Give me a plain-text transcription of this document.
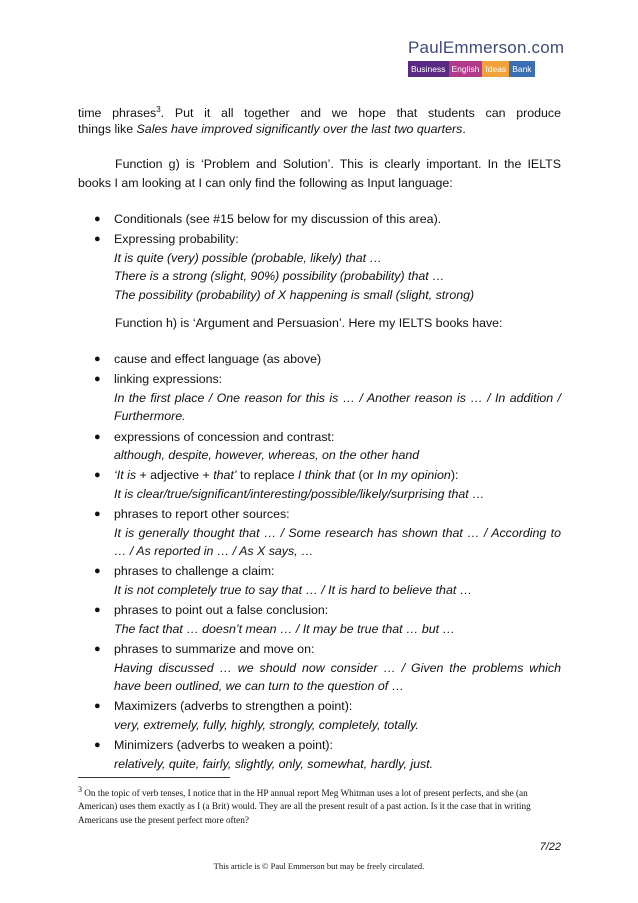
PaulEmmerson.com
Business English Ideas Bank
time phrases$^3$. Put it all together and we hope that students can produce
things like Sales have improved significantly over the last two quarters.
Function g) is ‘Problem and Solution’. This is clearly important. In the IELTS books I am looking at I can only find the following as Input language:
● Conditionals (see #15 below for my discussion of this area).
● Expressing probability:
It is quite (very) possible (probable, likely) that …
There is a strong (slight, 90%) possibility (probability) that …
The possibility (probability) of X happening is small (slight, strong)
Function h) is ‘Argument and Persuasion’. Here my IELTS books have:
● cause and effect language (as above)
● linking expressions:

In the first place / One reason for this is … / Another reason is … / In addition / Furthermore.
● expressions of concession and contrast:
although, despite, however, whereas, on the other hand
● ‘It is + adjective + that’ to replace I think that (or In my opinion):
It is clear/true/significant/interesting/possible/likely/surprising that …
● phrases to report other sources:

It is generally thought that … / Some research has shown that … / According to … / As reported in … / As X says, …
● phrases to challenge a claim:
It is not completely true to say that … / It is hard to believe that …
● phrases to point out a false conclusion:
The fact that … doesn’t mean … / It may be true that … but …
● phrases to summarize and move on:

Having discussed … we should now consider … / Given the problems which have been outlined, we can turn to the question of …
● Maximizers (adverbs to strengthen a point):
very, extremely, fully, highly, strongly, completely, totally.
● Minimizers (adverbs to weaken a point):
relatively, quite, fairly, slightly, only, somewhat, hardly, just.
$^3$ On the topic of verb tenses, I notice that in the HP annual report Meg Whitman uses a lot of present perfects, and she (an American) uses them exactly as I (a Brit) would. They are all the present result of a past action. Is it the case that in writing Americans use the present perfect more often?
7/22
This article is © Paul Emmerson but may be freely circulated.
